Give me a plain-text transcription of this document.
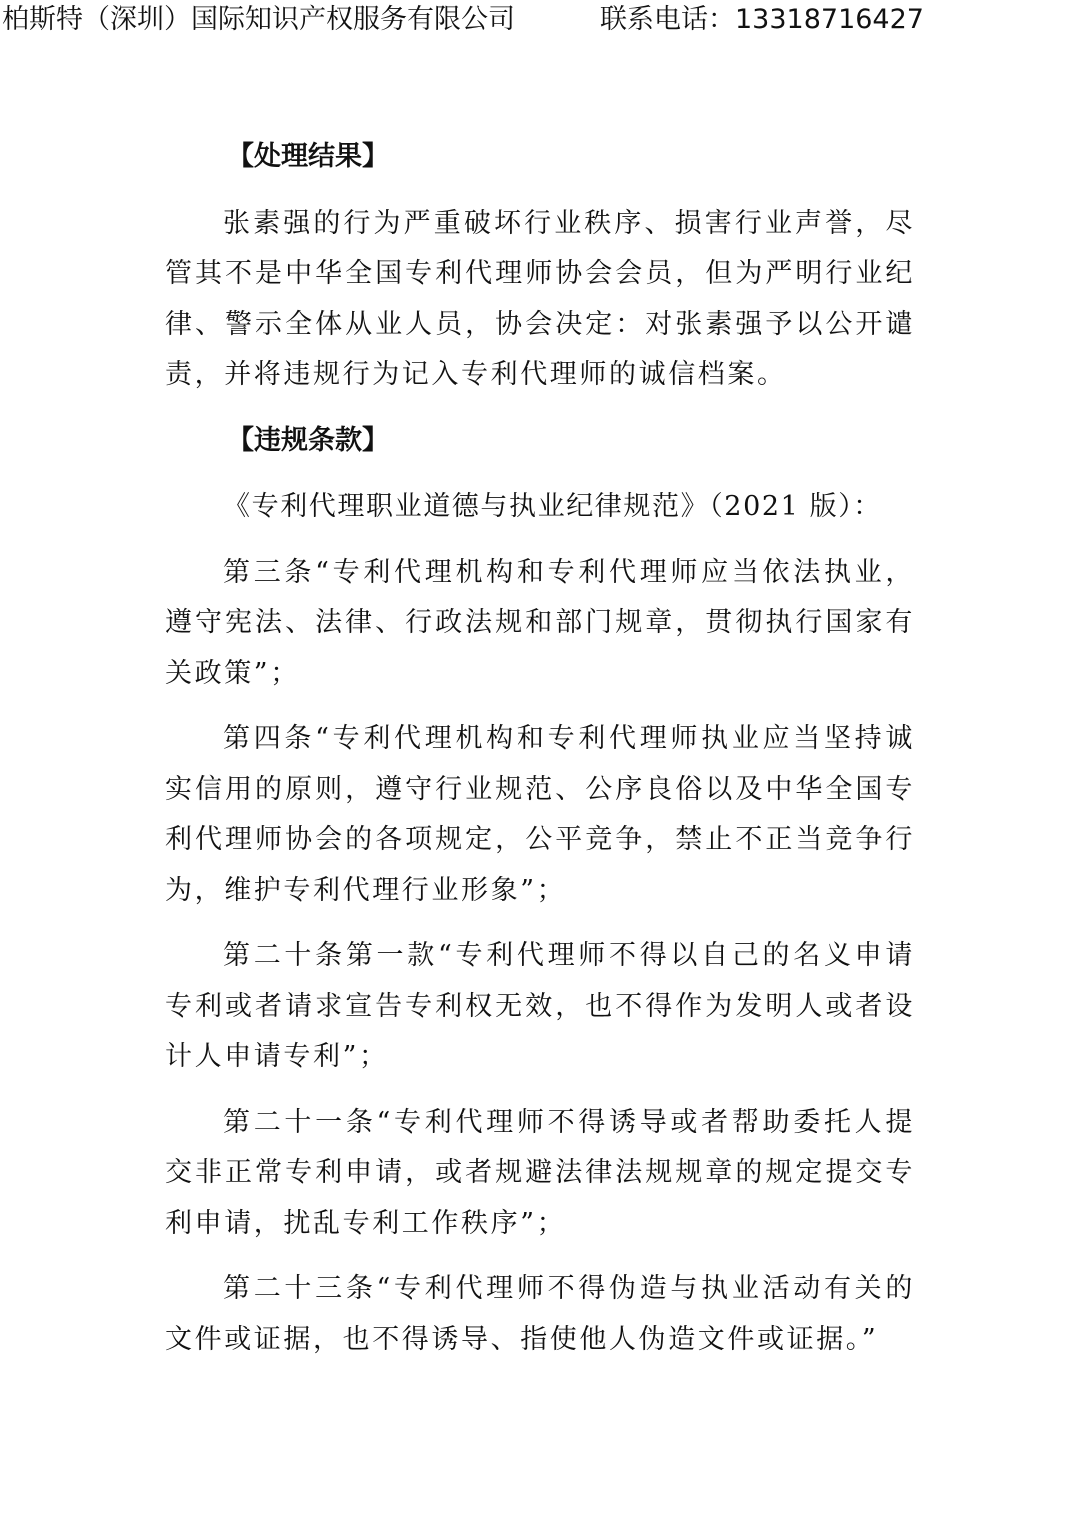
柏斯特（深圳）国际知识产权服务有限公司	联系电话：13318716427
【处理结果】

张素强的行为严重破坏行业秩序、损害行业声誉，尽管其不是中华全国专利代理师协会会员，但为严明行业纪律、警示全体从业人员，协会决定：对张素强予以公开谴责，并将违规行为记入专利代理师的诚信档案。

【违规条款】

《专利代理职业道德与执业纪律规范》（2021 版）：

第三条“专利代理机构和专利代理师应当依法执业，遵守宪法、法律、行政法规和部门规章，贯彻执行国家有关政策”；

第四条“专利代理机构和专利代理师执业应当坚持诚实信用的原则，遵守行业规范、公序良俗以及中华全国专利代理师协会的各项规定，公平竞争，禁止不正当竞争行为，维护专利代理行业形象”；

第二十条第一款“专利代理师不得以自己的名义申请专利或者请求宣告专利权无效，也不得作为发明人或者设计人申请专利”；

第二十一条“专利代理师不得诱导或者帮助委托人提交非正常专利申请，或者规避法律法规规章的规定提交专利申请，扰乱专利工作秩序”；

第二十三条“专利代理师不得伪造与执业活动有关的文件或证据，也不得诱导、指使他人伪造文件或证据。”
